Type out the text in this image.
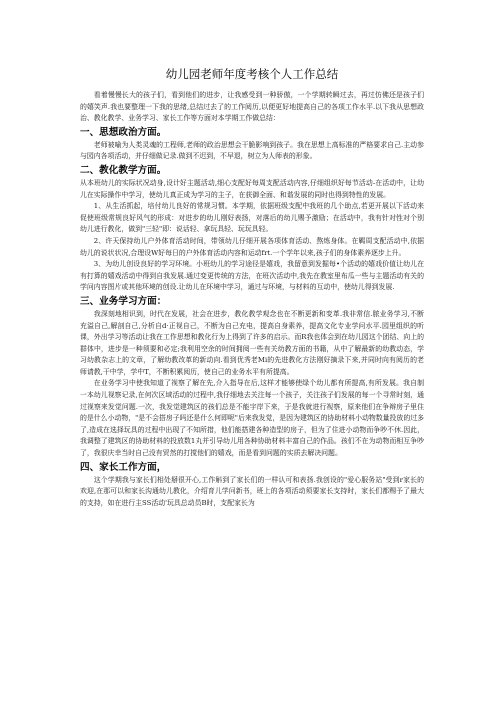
幼儿园老师年度考核个人工作总结

看着慢慢长大的孩子们，看到他们的进步，让我感受到一种骄傲，一个学期转瞬过去，再过仿佛还是孩子们的嬉笑声.我也要整理一下我的思绪,总结过去了的工作阅历,以便更好地提高自己的各项工作水平.以下我从思想政治、教化教学、业务学习、家长工作等方面对本学期工作做总结：

一、思想政治方面。

老师被喻为人类灵魂的工程师,老师的政治思想会干脆影响到孩子。我在思想上高标准的严格要求自己.主动参与园内各项活动，并仔细做记录.做到不迟到，不早退，树立为人师表的形象。

二、教化教学方面。

从本班幼儿的实际状况动身,设计好主题活动,细心支配好每周支配活动内容,仔细组织好每节活动-在活动中，让幼儿在实际操作中学习，使幼儿真正成为学习的主子，在获御全面、和谐发展的同时也得到特性的发展。

1、从生活抓起，培付幼儿良好的常规习惯。本学期，依据班级支配中我班的几个助点,若更开展以下活动来促使班级常规良好风气的形成：对进步的幼儿刚好表扬，对落后的幼儿赐予激励；在活动中，我有针对性对个别幼儿进行教化，做到"三轻"即：说话轻、拿玩具轻、玩玩具轻。

2、许天保持幼儿户外体育活动时间，带领幼儿仔细开展各项体育活动、熬炼身体。在羁周支配活动中,依据幼儿的说状状况,合理设W好每日的户外体育活动内容和运动frt.一个学年以来,孩子们的身体素养逐步上升。

3、为幼儿创设良好的学习环境。小班幼儿的学习途径是嬉戏，我留意到发掘每•个活动的嬉戏价值让幼儿在有打算的嬉戏活动中得到自我发展.通过变更传统的方法，在班次活动中,我先在教室里布瓜一些与主题活动有关的学问内容图片或其他环境的创设.让幼儿在环境中学习，通过与环境，与材料的互动中，使幼儿得到发展.

三、业务学习方面：

我深刻地相识到，时代在发展，社会在进步，教化教学观念也在不断更新和变革.我非常信.脓业务学习,不断充溢自己,解剖自己,分析自d·正视自己，不断为自己充电，提高自身素养，提高文化专业学问水平.园里组织的听课，外出学习等活动让我在工作思想和教化行为上得到了许多的启示。而R我也体会到在幼儿园这个团结、向上的群体中，进步是一种须要和必定;我利用空余的时间拥阅一些有关幼教方面的书籍，从中了解最新的幼教动态，学习幼教杂志上的文章，了解幼教改革的新动向.看到优秀老Mi的先进教化方法刚好摘录下来,并同时向有阅历的老师请教,干中学，学中T，不断积累阅历，使自己的业务水平有所提高。

在业务学习中使我知道了视察了解在先,介入指导在后,这样才能够使绿个幼儿都有所提高,有所发展。我自制一本幼儿视察记录,在何次区域活动的过程中,我仔细地去关注每一个孩子，关注孩子们发展的每一个寻常时刻，通过视察来发觉问题.一次，我发觉建筑区的孩们总是不能宇岸下来，于是我就进行视察，原来他们在争辩房子里住的是什么小动物，"是不会搭房子吗还是什么何即呢"后来我发觉，是因为建筑区的协助材料小动物数量投放的过多了,造成在选择玩具的过程中出现了不知所措，他们能搭建各种造型的房子，但为了住进小动物而争吵不休.因此，我调整了建筑区的协助材料的投放数1丸并引导幼儿用各种协助材料丰富自己的作品。孩们不在为动物而相互争吵了，我很庆幸当时自己没有贸然的打搅他们的嬉戏，而是看到问题的实质去解决问题。

四、家长工作方面，

这个学期我与家长们相处掰很开心,工作斛到了家长们的一样认可和表扬.我创设的"爱心服务站"受到r家长的欢迎,在那可以和家长沟通幼儿教化，介绍育儿学问新书，班上的各项活动须要家长支持时，家长们都赐予了最大的支持，如在进行主SS活动'玩具总动员B时，支配家长为
